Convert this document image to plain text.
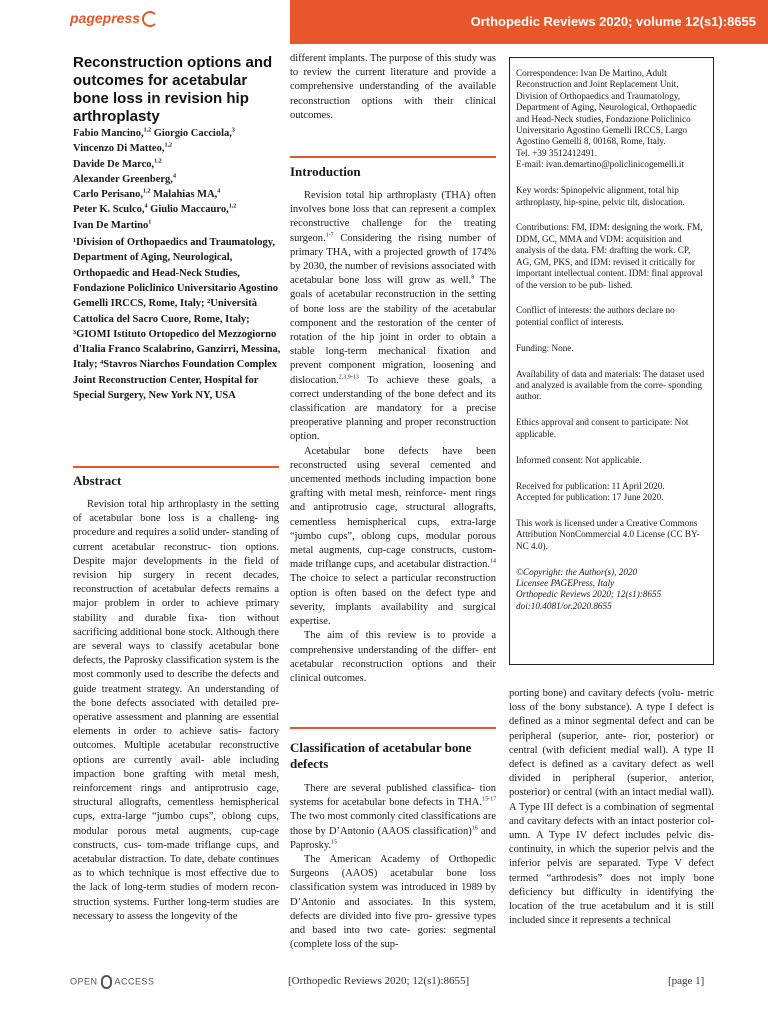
pagepress	Orthopedic Reviews 2020; volume 12(s1):8655
Reconstruction options and outcomes for acetabular bone loss in revision hip arthroplasty
Fabio Mancino,$^{1,2}$ Giorgio Cacciola,$^3$
Vincenzo Di Matteo,$^{1,2}$
Davide De Marco,$^{1,2}$
Alexander Greenberg,$^4$
Carlo Perisano,$^{1,2}$ Malahias MA,$^4$
Peter K. Sculco,$^4$ Giulio Maccauro,$^{1,2}$
Ivan De Martino$^1$
¹Division of Orthopaedics and Traumatology, Department of Aging, Neurological, Orthopaedic and Head-Neck Studies, Fondazione Policlinico Universitario Agostino Gemelli IRCCS, Rome, Italy; ²Università Cattolica del Sacro Cuore, Rome, Italy; ³GIOMI Istituto Ortopedico del Mezzogiorno d'Italia Franco Scalabrino, Ganzirri, Messina, Italy; ⁴Stavros Niarchos Foundation Complex Joint Reconstruction Center, Hospital for Special Surgery, New York NY, USA
Abstract

Revision total hip arthroplasty in the setting of acetabular bone loss is a challeng- ing procedure and requires a solid under- standing of current acetabular reconstruc- tion options. Despite major developments in the field of revision hip surgery in recent decades, reconstruction of acetabular defects remains a major problem in order to achieve primary stability and durable fixa- tion without sacrificing additional bone stock. Although there are several ways to classify acetabular bone defects, the Paprosky classification system is the most commonly used to describe the defects and guide treatment strategy. An understanding of the bone defects associated with detailed pre-operative assessment and planning are essential elements in order to achieve satis- factory outcomes. Multiple acetabular reconstructive options are currently avail- able including impaction bone grafting with metal mesh, reinforcement rings and antiprotrusio cage, structural allografts, cementless hemispherical cups, extra-large “jumbo cups”, oblong cups, modular porous metal augments, cup-cage constructs, cus- tom-made triflange cups, and acetabular distraction. To date, debate continues as to which technique is most effective due to the lack of long-term studies of modern recon- struction systems. Further long-term studies are necessary to assess the longevity of the

different implants. The purpose of this study was to review the current literature and provide a comprehensive understanding of the available reconstruction options with their clinical outcomes.

Introduction

Revision total hip arthroplasty (THA) often involves bone loss that can represent a complex reconstructive challenge for the treating surgeon.$^{1-7}$ Considering the rising number of primary THA, with a projected growth of 174% by 2030, the number of revisions associated with acetabular bone loss will grow as well.$^8$ The goals of acetabular reconstruction in the setting of bone loss are the stability of the acetabular component and the restoration of the center of rotation of the hip joint in order to obtain a stable long-term mechanical fixation and prevent component migration, loosening and dislocation.$^{2,3,9-13}$ To achieve these goals, a correct understanding of the bone defect and its classification are mandatory for a precise preoperative planning and proper reconstruction option.

Acetabular bone defects have been reconstructed using several cemented and uncemented methods including impaction bone grafting with metal mesh, reinforce- ment rings and antiprotrusio cage, structural allografts, cementless hemispherical cups, extra-large “jumbo cups”, oblong cups, modular porous metal augments, cup-cage constructs, custom-made triflange cups, and acetabular distraction.$^{14}$ The choice to select a particular reconstruction option is often based on the defect type and severity, implants availability and surgical expertise.

The aim of this review is to provide a comprehensive understanding of the differ- ent acetabular reconstruction options and their clinical outcomes.

Classification of acetabular bone defects

There are several published classifica- tion systems for acetabular bone defects in THA.$^{15-17}$ The two most commonly cited classifications are those by D’Antonio (AAOS classification)$^{16}$ and Paprosky.$^{15}$

The American Academy of Orthopedic Surgeons (AAOS) acetabular bone loss classification system was introduced in 1989 by D’Antonio and associates. In this system, defects are divided into five pro- gressive types and based into two cate- gories: segmental (complete loss of the sup-

Correspondence: Ivan De Martino, Adult Reconstruction and Joint Replacement Unit, Division of Orthopaedics and Traumatology, Department of Aging, Neurological, Orthopaedic and Head-Neck studies, Fondazione Policlinico Universitario Agostino Gemelli IRCCS, Largo Agostino Gemelli 8, 00168, Rome, Italy.
Tel. +39 3512412491.
E-mail: ivan.demartino@policlinicogemelli.it

Key words: Spinopelvic alignment, total hip arthroplasty, hip-spine, pelvic tilt, dislocation.

Contributions: FM, IDM: designing the work. FM, DDM, GC, MMA and VDM: acquisition and analysis of the data. FM: drafting the work. CP, AG, GM, PKS, and IDM: revised it critically for important intellectual content. IDM: final approval of the version to be pub- lished.

Conflict of interests: the authors declare no potential conflict of interests.

Funding: None.

Availability of data and materials: The dataset used and analyzed is available from the corre- sponding author.

Ethics approval and consent to participate: Not applicable.

Informed consent: Not applicable.

Received for publication: 11 April 2020.
Accepted for publication: 17 June 2020.

This work is licensed under a Creative Commons Attribution NonCommercial 4.0 License (CC BY-NC 4.0).

©Copyright: the Author(s), 2020

Licensee PAGEPress, Italy

Orthopedic Reviews 2020; 12(s1):8655

doi:10.4081/or.2020.8655

porting bone) and cavitary defects (volu- metric loss of the bony substance). A type I defect is defined as a minor segmental defect and can be peripheral (superior, ante- rior, posterior) or central (with deficient medial wall). A type II defect is defined as a cavitary defect as well divided in peripheral (superior, anterior, posterior) or central (with an intact medial wall). A Type III defect is a combination of segmental and cavitary defects with an intact posterior col- umn. A Type IV defect includes pelvic dis- continuity, in which the superior pelvis and the inferior pelvis are separated. Type V defect termed “arthrodesis” does not imply bone deficiency but difficulty in identifying the location of the true acetabulum and it is still included since it represents a technical

OPEN ACCESS	[Orthopedic Reviews 2020; 12(s1):8655]	[page 1]
